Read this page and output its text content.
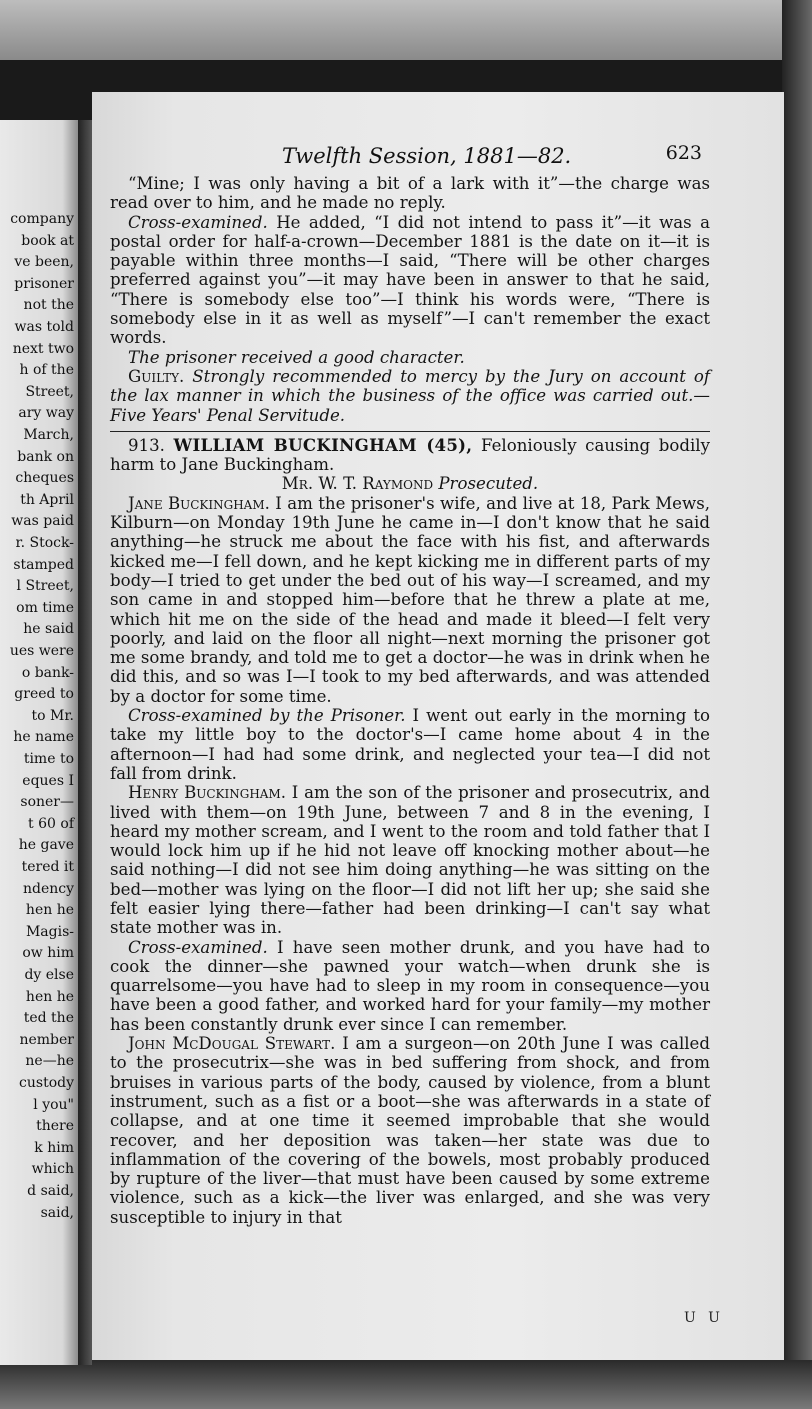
company
book at
ve been,
prisoner
not the
was told
next two
h of the
Street,
ary way
March,
bank on
cheques
th April
was paid
r. Stock-
stamped
l Street,
om time
he said
ues were
o bank-
greed to
to Mr.
he name
time to
eques I
soner—
t 60 of
he gave
tered it
ndency
hen he
Magis-
ow him
dy else
hen he
ted the
nember
ne—he
custody
l you"
there
k him
which
d said,
said,
Twelfth Session, 1881—82.	623

“Mine; I was only having a bit of a lark with it”—the charge was read over to him, and he made no reply.

Cross-examined. He added, “I did not intend to pass it”—it was a postal order for half-a-crown—December 1881 is the date on it—it is payable within three months—I said, “There will be other charges preferred against you”—it may have been in answer to that he said, “There is somebody else too”—I think his words were, “There is somebody else in it as well as myself”—I can't remember the exact words.

The prisoner received a good character.

Guilty. Strongly recommended to mercy by the Jury on account of the lax manner in which the business of the office was carried out.—Five Years' Penal Servitude.

913. WILLIAM BUCKINGHAM (45), Feloniously causing bodily harm to Jane Buckingham.

Mr. W. T. Raymond Prosecuted.

Jane Buckingham. I am the prisoner's wife, and live at 18, Park Mews, Kilburn—on Monday 19th June he came in—I don't know that he said anything—he struck me about the face with his fist, and afterwards kicked me—I fell down, and he kept kicking me in different parts of my body—I tried to get under the bed out of his way—I screamed, and my son came in and stopped him—before that he threw a plate at me, which hit me on the side of the head and made it bleed—I felt very poorly, and laid on the floor all night—next morning the prisoner got me some brandy, and told me to get a doctor—he was in drink when he did this, and so was I—I took to my bed afterwards, and was attended by a doctor for some time.

Cross-examined by the Prisoner. I went out early in the morning to take my little boy to the doctor's—I came home about 4 in the afternoon—I had had some drink, and neglected your tea—I did not fall from drink.

Henry Buckingham. I am the son of the prisoner and prosecutrix, and lived with them—on 19th June, between 7 and 8 in the evening, I heard my mother scream, and I went to the room and told father that I would lock him up if he hid not leave off knocking mother about—he said nothing—I did not see him doing anything—he was sitting on the bed—mother was lying on the floor—I did not lift her up; she said she felt easier lying there—father had been drinking—I can't say what state mother was in.

Cross-examined. I have seen mother drunk, and you have had to cook the dinner—she pawned your watch—when drunk she is quarrelsome—you have had to sleep in my room in consequence—you have been a good father, and worked hard for your family—my mother has been constantly drunk ever since I can remember.

John McDougal Stewart. I am a surgeon—on 20th June I was called to the prosecutrix—she was in bed suffering from shock, and from bruises in various parts of the body, caused by violence, from a blunt instrument, such as a fist or a boot—she was afterwards in a state of collapse, and at one time it seemed improbable that she would recover, and her deposition was taken—her state was due to inflammation of the covering of the bowels, most probably produced by rupture of the liver—that must have been caused by some extreme violence, such as a kick—the liver was enlarged, and she was very susceptible to injury in that

U U
